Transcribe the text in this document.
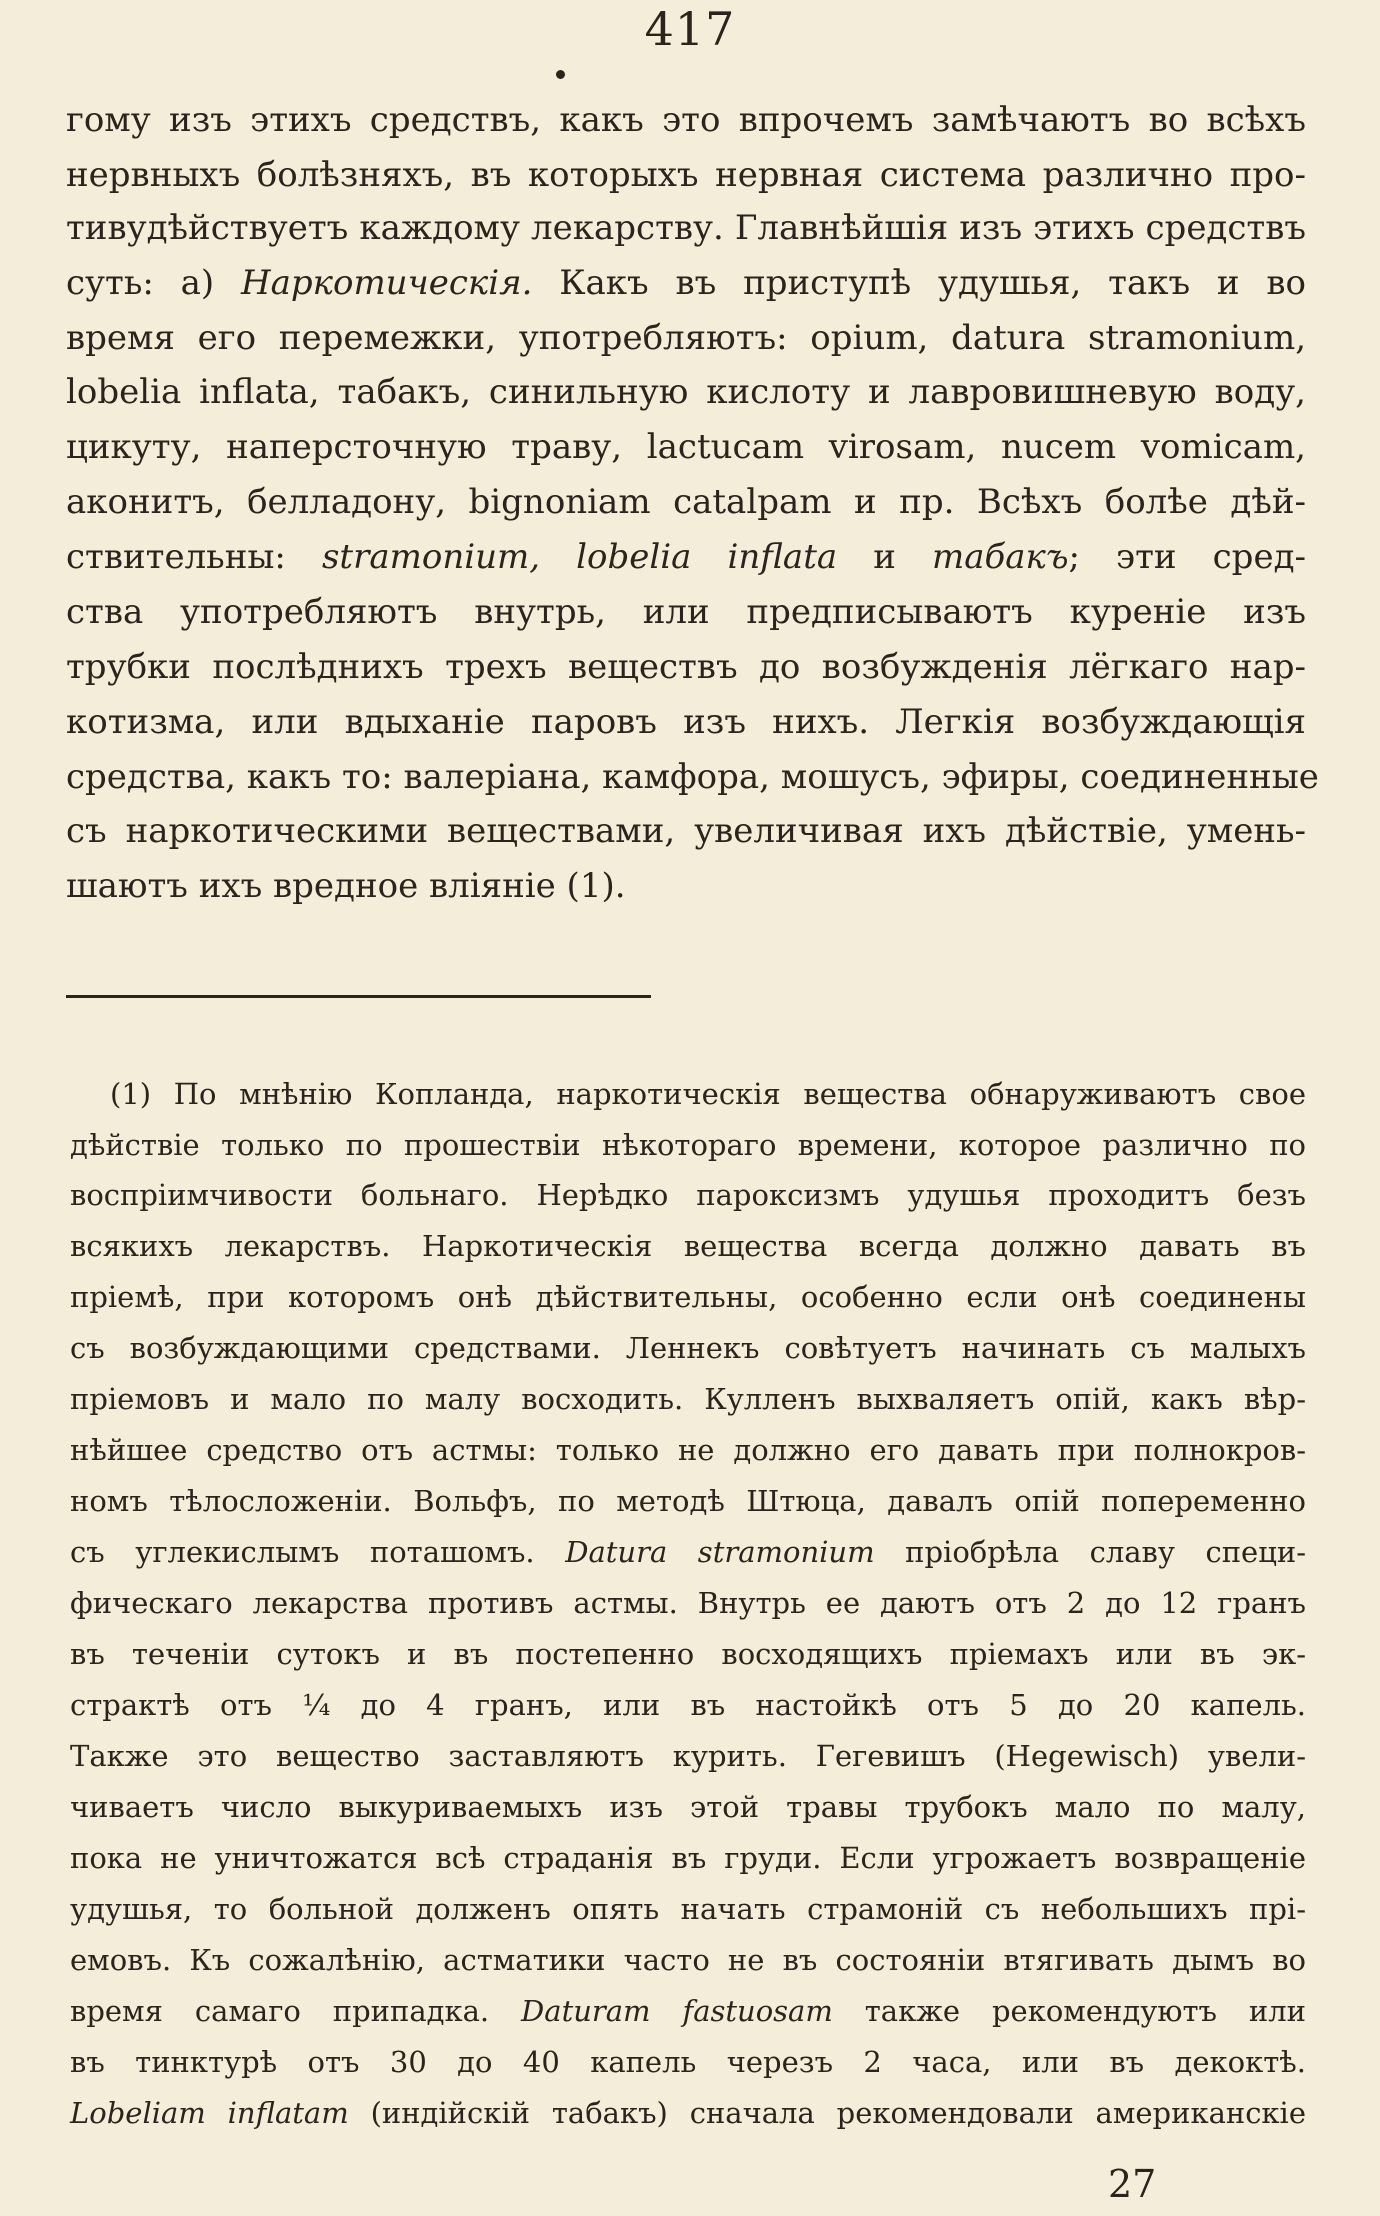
417
гому изъ этихъ средствъ, какъ это впрочемъ замѣчаютъ во всѣхъ
нервныхъ болѣзняхъ, въ которыхъ нервная система различно про-
тивудѣйствуетъ каждому лекарству. Главнѣйшія изъ этихъ средствъ
суть: а) Наркотическія. Какъ въ приступѣ удушья, такъ и во
время его перемежки, употребляютъ: opium, datura stramonium,
lobelia inflata, табакъ, синильную кислоту и лавровишневую воду,
цикуту, наперсточную траву, lactucam virosam, nucem vomicam,
аконитъ, белладону, bignoniam catalpam и пр. Всѣхъ болѣе дѣй-
ствительны: stramonium, lobelia inflata и табакъ; эти сред-
ства употребляютъ внутрь, или предписываютъ куреніе изъ
трубки послѣднихъ трехъ веществъ до возбужденія лёгкаго нар-
котизма, или вдыханіе паровъ изъ нихъ. Легкія возбуждающія
средства, какъ то: валеріана, камфора, мошусъ, эфиры, соединенные
съ наркотическими веществами, увеличивая ихъ дѣйствіе, умень-
шаютъ ихъ вредное вліяніе (1).
(1) По мнѣнію Копланда, наркотическія вещества обнаруживаютъ свое
дѣйствіе только по прошествіи нѣкотораго времени, которое различно по
воспріимчивости больнаго. Нерѣдко пароксизмъ удушья проходитъ безъ
всякихъ лекарствъ. Наркотическія вещества всегда должно давать въ
пріемѣ, при которомъ онѣ дѣйствительны, особенно если онѣ соединены
съ возбуждающими средствами. Леннекъ совѣтуетъ начинать съ малыхъ
пріемовъ и мало по малу восходить. Кулленъ выхваляетъ опій, какъ вѣр-
нѣйшее средство отъ астмы: только не должно его давать при полнокров-
номъ тѣлосложеніи. Вольфъ, по методѣ Штюца, давалъ опій попеременно
съ углекислымъ поташомъ. Datura stramonium пріобрѣла славу специ-
фическаго лекарства противъ астмы. Внутрь ее даютъ отъ 2 до 12 гранъ
въ теченіи сутокъ и въ постепенно восходящихъ пріемахъ или въ эк-
страктѣ отъ ¼ до 4 гранъ, или въ настойкѣ отъ 5 до 20 капель.
Также это вещество заставляютъ курить. Гегевишъ (Hegewisch) увели-
чиваетъ число выкуриваемыхъ изъ этой травы трубокъ мало по малу,
пока не уничтожатся всѣ страданія въ груди. Если угрожаетъ возвращеніе
удушья, то больной долженъ опять начать страмоній съ небольшихъ прі-
емовъ. Къ сожалѣнію, астматики часто не въ состояніи втягивать дымъ во
время самаго припадка. Daturam fastuosam также рекомендуютъ или
въ тинктурѣ отъ 30 до 40 капель черезъ 2 часа, или въ декоктѣ.
Lobeliam inflatam (индійскій табакъ) сначала рекомендовали американскіе
27
